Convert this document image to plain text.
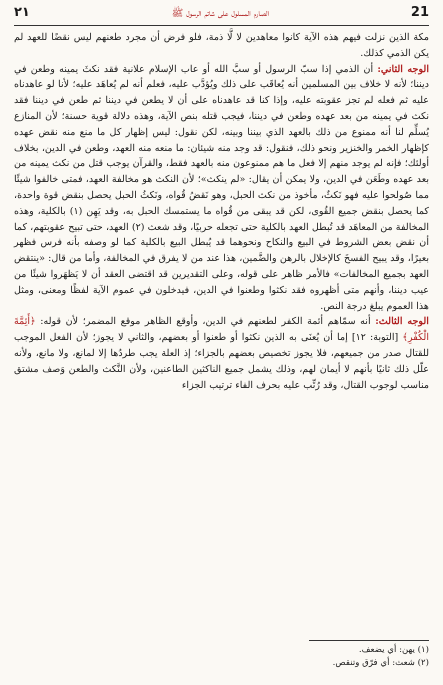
21
الصارم المسلول على شاتم الرسول ﷺ
٢١

مكة الذين نزلت فيهم هذه الآية كانوا معاهدين لا لَّا ذمة، فلو فرض أن مجرد طعنهم ليس نقضًا للعهد لم يكن الذمي كذلك.

الوجه الثاني: أن الذمي إذا سبّ الرسول أو سبَّ الله أو عاب الإسلام علانية فقد نكثَ يمينه وطعن في ديننا؛ لأنه لا خلاف بين المسلمين أنه يُعاقَب على ذلك ويُؤدَّب عليه، فعلم أنه لم يُعاهَد عليه؛ لأنا لو عاهدناه عليه ثم فعله لم تجز عقوبته عليه، وإذا كنا قد عاهدناه على أن لا يطعن في ديننا ثم طعن في ديننا فقد نكث في يمينه من بعد عهده وطعن في ديننا، فيجب قتله بنص الآية، وهذه دلالة قوية حسنة؛ لأن المنازع يُسلِّم لنا أنه ممنوع من ذلك بالعهد الذي بيننا وبينه، لكن نقول: ليس إظهار كل ما منع منه نقض عهده كإظهار الخمر والخنزير ونحو ذلك، فنقول: قد وجد منه شيئان: ما منعه منه العهد، وطعن في الدين، بخلاف أولئك؛ فإنه لم يوجد منهم إلا فعل ما هم ممنوعون منه بالعهد فقط، والقرآن يوجب قتل من نكث يمينه من بعد عهده وطَعَن في الدين، ولا يمكن أن يقال: «لم ينكث»؛ لأن النكث هو مخالفة العهد، فمتى خالفوا شيئًا مما صُولحوا عليه فهو نَكثٌ، مأخوذ من نكث الحبل، وهو نَقضُ قُواه، ونَكثُ الحبل يحصل بنقض قوة واحدة، كما يحصل بنقض جميع القُوى، لكن قد يبقى من قُواه ما يستمسك الحبل به، وقد يَهِن (١) بالكلية، وهذه المخالفة من المعاهَد قد تُبطل العهد بالكلية حتى تجعله حربيًا، وقد شعث (٢) العهد، حتى تبيح عقوبتهم، كما أن نقض بعض الشروط في البيع والنكاح ونحوهما قد يُبطل البيع بالكلية كما لو وصفه بأنه فرس فظهر بعيرًا، وقد يبيح الفسخَ كالإخلال بالرهن والضَّمين، هذا عند من لا يفرق في المخالفة، وأما من قال: «ينتقض العهد بجميع المخالفات» فالأمر ظاهر على قوله، وعلى التقديرين قد اقتضى العقد أن لا يَظهَروا شيئًا من عيب ديننا، وأنهم متى أظهروه فقد نكثوا وطعنوا في الدين، فيدخلون في عموم الآية لفظًا ومعنى، ومثل هذا العموم يبلغ درجة النص.

الوجه الثالث: أنه سمّاهم أئمة الكفر لطعنهم في الدين، وأوقع الظاهر موقع المضمر؛ لأن قوله: ﴿أَئِمَّةَ الْكُفْرِ﴾ [التوبة: ١٢] إما أن يُعنَى به الذين نكثوا أو طعنوا أو بعضهم، والثاني لا يجوز؛ لأن الفعل الموجب للقتال صدر من جميعهم، فلا يجوز تخصيص بعضهم بالجزاء؛ إذ العلة يجب طردُها إلا لمانع، ولا مانع، ولأنه علّل ذلك ثانيًا بأنهم لا أيمان لهم، وذلك يشمل جميع الناكثين الطاعنين، ولأن النَّكث والطعن وَصف مشتق مناسب لوجوب القتال، وقد رُتِّب عليه بحرف الفاء ترتيب الجزاء

(١) يهن: أي يضعف.
(٢) شعث: أي فرّق وتنقص.
